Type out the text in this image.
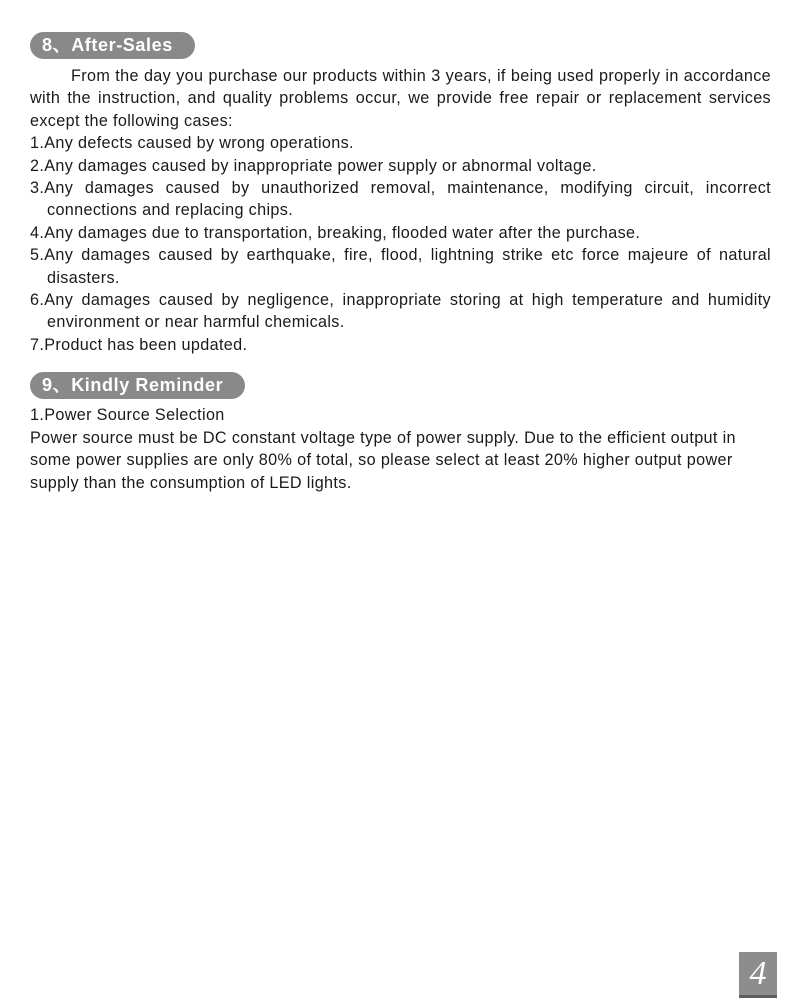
8、After-Sales

From the day you purchase our products within 3 years, if being used properly in accordance with the instruction, and quality problems occur, we provide free repair or replacement services except the following cases:

1.Any defects caused by wrong operations.
2.Any damages caused by inappropriate power supply or abnormal voltage.
3.Any damages caused by unauthorized removal, maintenance, modifying circuit, incorrect connections and replacing chips.
4.Any damages due to transportation, breaking, flooded water after the purchase.
5.Any damages caused by earthquake, fire, flood, lightning strike etc force majeure of natural disasters.
6.Any damages caused by negligence, inappropriate storing at high temperature and humidity environment or near harmful chemicals.
7.Product has been updated.
9、Kindly Reminder

1.Power Source Selection

Power source must be DC constant voltage type of power supply. Due to the efficient output in some power supplies are only 80% of total, so please select at least 20% higher output power supply than the consumption of LED lights.

4
